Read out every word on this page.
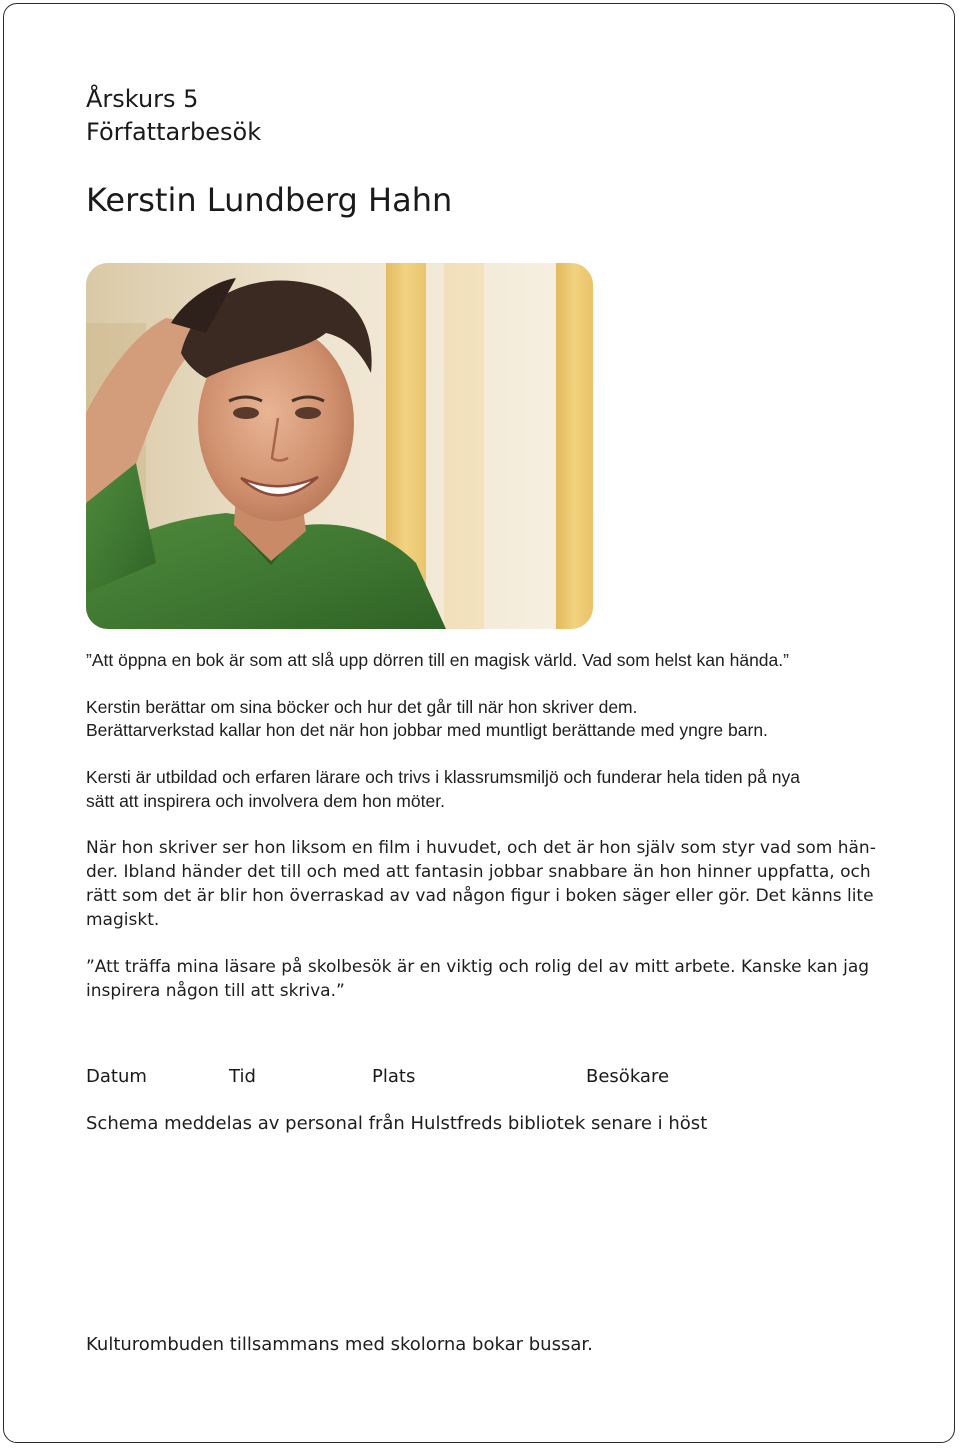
Årskurs 5
Författarbesök
Kerstin Lundberg Hahn
”Att öppna en bok är som att slå upp dörren till en magisk värld. Vad som helst kan hända.”
Kerstin berättar om sina böcker och hur det går till när hon skriver dem.
Berättarverkstad kallar hon det när hon jobbar med muntligt berättande med yngre barn.
Kersti är utbildad och erfaren lärare och trivs i klassrumsmiljö och funderar hela tiden på nya
sätt att inspirera och involvera dem hon möter.
När hon skriver ser hon liksom en film i huvudet, och det är hon själv som styr vad som hän-
der. Ibland händer det till och med att fantasin jobbar snabbare än hon hinner uppfatta, och
rätt som det är blir hon överraskad av vad någon figur i boken säger eller gör. Det känns lite
magiskt.
”Att träffa mina läsare på skolbesök är en viktig och rolig del av mitt arbete. Kanske kan jag
inspirera någon till att skriva.”
Datum	Tid	Plats	Besökare
Schema meddelas av personal från Hulstfreds bibliotek senare i höst
Kulturombuden tillsammans med skolorna bokar bussar.
